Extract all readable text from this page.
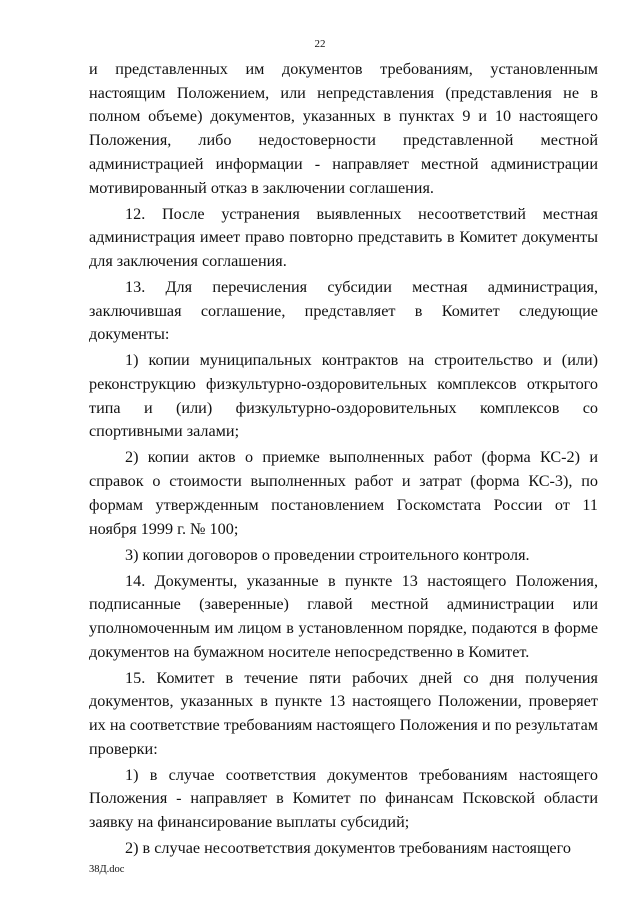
22

и представленных им документов требованиям, установленным настоящим Положением, или непредставления (представления не в полном объеме) документов, указанных в пунктах 9 и 10 настоящего Положения, либо недостоверности представленной местной администрацией информации - направляет местной администрации мотивированный отказ в заключении соглашения.

12. После устранения выявленных несоответствий местная администрация имеет право повторно представить в Комитет документы для заключения соглашения.

13. Для перечисления субсидии местная администрация, заключившая соглашение, представляет в Комитет следующие документы:

1) копии муниципальных контрактов на строительство и (или) реконструкцию физкультурно-оздоровительных комплексов открытого типа и (или) физкультурно-оздоровительных комплексов со спортивными залами;

2) копии актов о приемке выполненных работ (форма КС-2) и справок о стоимости выполненных работ и затрат (форма КС-3), по формам утвержденным постановлением Госкомстата России от 11 ноября 1999 г. № 100;

3) копии договоров о проведении строительного контроля.

14. Документы, указанные в пункте 13 настоящего Положения, подписанные (заверенные) главой местной администрации или уполномоченным им лицом в установленном порядке, подаются в форме документов на бумажном носителе непосредственно в Комитет.

15. Комитет в течение пяти рабочих дней со дня получения документов, указанных в пункте 13 настоящего Положении, проверяет их на соответствие требованиям настоящего Положения и по результатам проверки:

1) в случае соответствия документов требованиям настоящего Положения - направляет в Комитет по финансам Псковской области заявку на финансирование выплаты субсидий;

2) в случае несоответствия документов требованиям настоящего

38Д.doc
